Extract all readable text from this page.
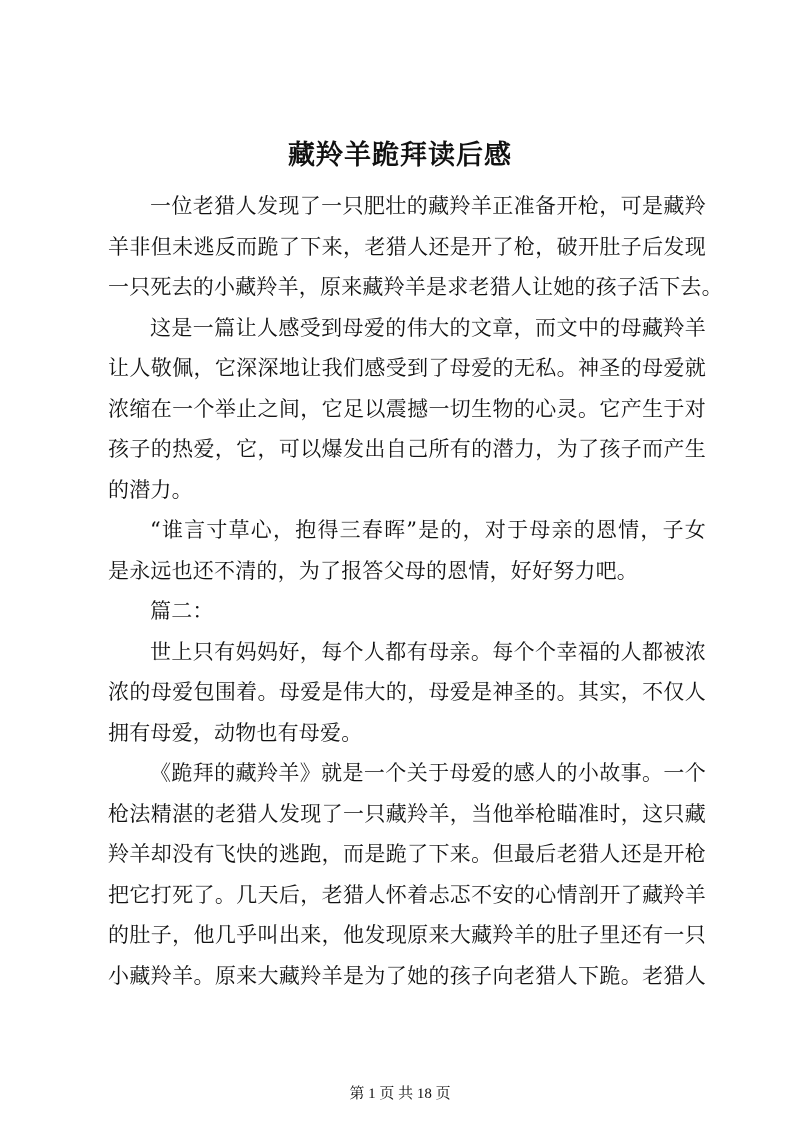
藏羚羊跪拜读后感
一位老猎人发现了一只肥壮的藏羚羊正准备开枪，可是藏羚
羊非但未逃反而跪了下来，老猎人还是开了枪，破开肚子后发现
一只死去的小藏羚羊，原来藏羚羊是求老猎人让她的孩子活下去。
这是一篇让人感受到母爱的伟大的文章，而文中的母藏羚羊
让人敬佩，它深深地让我们感受到了母爱的无私。神圣的母爱就
浓缩在一个举止之间，它足以震撼一切生物的心灵。它产生于对
孩子的热爱，它，可以爆发出自己所有的潜力，为了孩子而产生
的潜力。
“谁言寸草心，抱得三春晖”是的，对于母亲的恩情，子女
是永远也还不清的，为了报答父母的恩情，好好努力吧。
篇二：
世上只有妈妈好，每个人都有母亲。每个个幸福的人都被浓
浓的母爱包围着。母爱是伟大的，母爱是神圣的。其实，不仅人
拥有母爱，动物也有母爱。
《跪拜的藏羚羊》就是一个关于母爱的感人的小故事。一个
枪法精湛的老猎人发现了一只藏羚羊，当他举枪瞄准时，这只藏
羚羊却没有飞快的逃跑，而是跪了下来。但最后老猎人还是开枪
把它打死了。几天后，老猎人怀着忐忑不安的心情剖开了藏羚羊
的肚子，他几乎叫出来，他发现原来大藏羚羊的肚子里还有一只
小藏羚羊。原来大藏羚羊是为了她的孩子向老猎人下跪。老猎人
第 1 页 共 18 页
